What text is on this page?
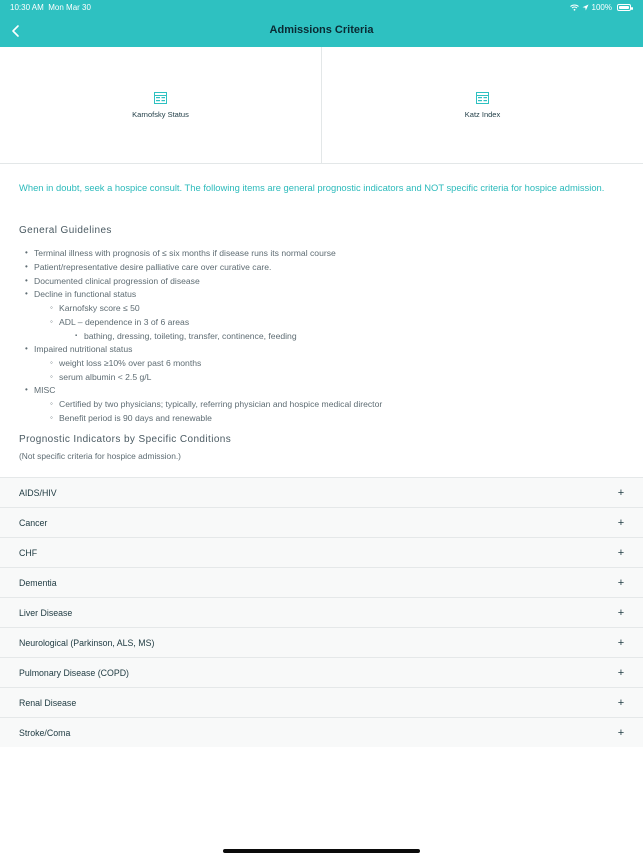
10:30 AM Mon Mar 30	100%
Admissions Criteria
Karnofsky Status	Katz Index
When in doubt, seek a hospice consult. The following items are general prognostic indicators and NOT specific criteria for hospice admission.
General Guidelines
• Terminal illness with prognosis of ≤ six months if disease runs its normal course
• Patient/representative desire palliative care over curative care.
• Documented clinical progression of disease
• Decline in functional status
◦ Karnofsky score ≤ 50
◦ ADL – dependence in 3 of 6 areas
▪ bathing, dressing, toileting, transfer, continence, feeding
• Impaired nutritional status
◦ weight loss ≥10% over past 6 months
◦ serum albumin < 2.5 g/L
• MISC
◦ Certified by two physicians; typically, referring physician and hospice medical director
◦ Benefit period is 90 days and renewable
Prognostic Indicators by Specific Conditions
(Not specific criteria for hospice admission.)
AIDS/HIV	+
Cancer	+
CHF	+
Dementia	+
Liver Disease	+
Neurological (Parkinson, ALS, MS)	+
Pulmonary Disease (COPD)	+
Renal Disease	+
Stroke/Coma	+
